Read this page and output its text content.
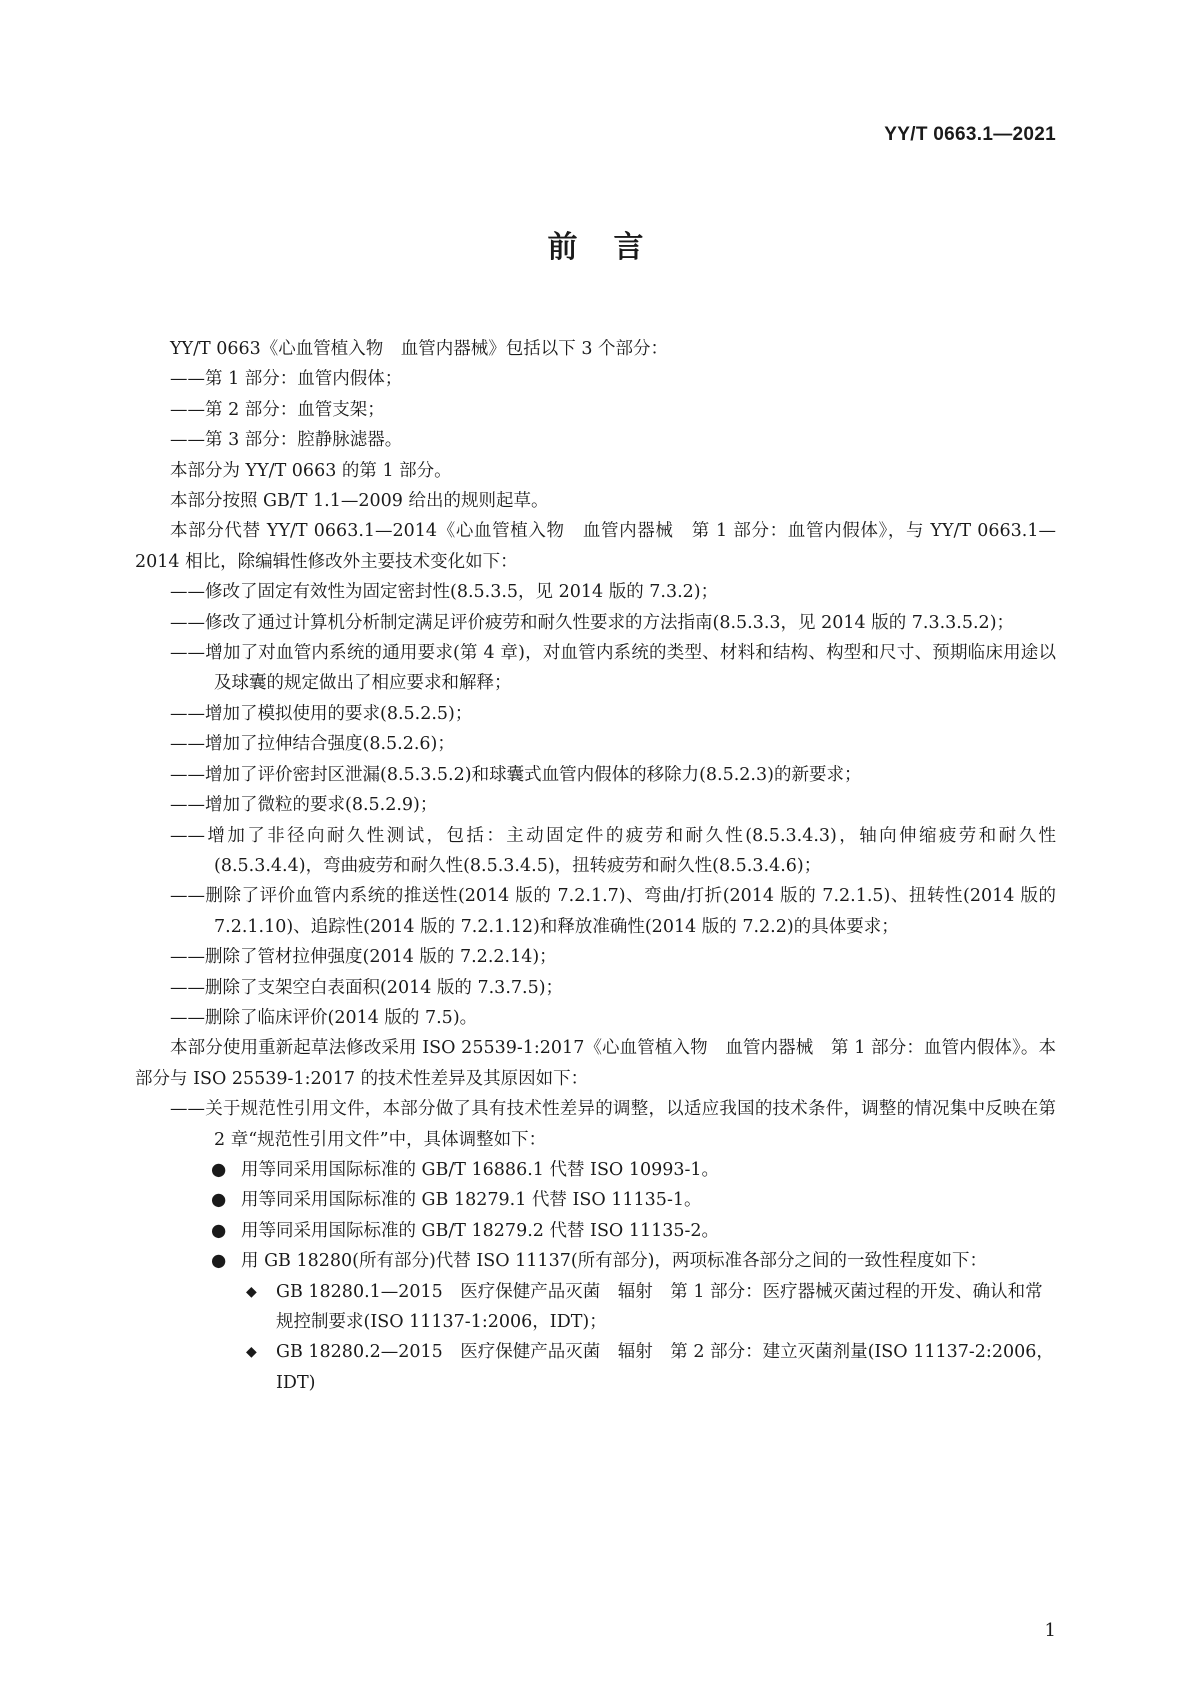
YY/T 0663.1—2021
前言

YY/T 0663《心血管植入物　血管内器械》包括以下 3 个部分：

——第 1 部分：血管内假体；

——第 2 部分：血管支架；

——第 3 部分：腔静脉滤器。

本部分为 YY/T 0663 的第 1 部分。

本部分按照 GB/T 1.1—2009 给出的规则起草。

本部分代替 YY/T 0663.1—2014《心血管植入物　血管内器械　第 1 部分：血管内假体》，与 YY/T 0663.1—2014 相比，除编辑性修改外主要技术变化如下：

——修改了固定有效性为固定密封性(8.5.3.5，见 2014 版的 7.3.2)；

——修改了通过计算机分析制定满足评价疲劳和耐久性要求的方法指南(8.5.3.3，见 2014 版的 7.3.3.5.2)；

——增加了对血管内系统的通用要求(第 4 章)，对血管内系统的类型、材料和结构、构型和尺寸、预期临床用途以及球囊的规定做出了相应要求和解释；

——增加了模拟使用的要求(8.5.2.5)；

——增加了拉伸结合强度(8.5.2.6)；

——增加了评价密封区泄漏(8.5.3.5.2)和球囊式血管内假体的移除力(8.5.2.3)的新要求；

——增加了微粒的要求(8.5.2.9)；

——增加了非径向耐久性测试，包括：主动固定件的疲劳和耐久性(8.5.3.4.3)，轴向伸缩疲劳和耐久性(8.5.3.4.4)，弯曲疲劳和耐久性(8.5.3.4.5)，扭转疲劳和耐久性(8.5.3.4.6)；

——删除了评价血管内系统的推送性(2014 版的 7.2.1.7)、弯曲/打折(2014 版的 7.2.1.5)、扭转性(2014 版的 7.2.1.10)、追踪性(2014 版的 7.2.1.12)和释放准确性(2014 版的 7.2.2)的具体要求；

——删除了管材拉伸强度(2014 版的 7.2.2.14)；

——删除了支架空白表面积(2014 版的 7.3.7.5)；

——删除了临床评价(2014 版的 7.5)。

本部分使用重新起草法修改采用 ISO 25539-1:2017《心血管植入物　血管内器械　第 1 部分：血管内假体》。本部分与 ISO 25539-1:2017 的技术性差异及其原因如下：

——关于规范性引用文件，本部分做了具有技术性差异的调整，以适应我国的技术条件，调整的情况集中反映在第 2 章“规范性引用文件”中，具体调整如下：

● 用等同采用国际标准的 GB/T 16886.1 代替 ISO 10993-1。
● 用等同采用国际标准的 GB 18279.1 代替 ISO 11135-1。
● 用等同采用国际标准的 GB/T 18279.2 代替 ISO 11135-2。
● 用 GB 18280(所有部分)代替 ISO 11137(所有部分)，两项标准各部分之间的一致性程度如下：
◆ GB 18280.1—2015　医疗保健产品灭菌　辐射　第 1 部分：医疗器械灭菌过程的开发、确认和常规控制要求(ISO 11137-1:2006，IDT)；
◆ GB 18280.2—2015　医疗保健产品灭菌　辐射　第 2 部分：建立灭菌剂量(ISO 11137-2:2006，IDT)
1
